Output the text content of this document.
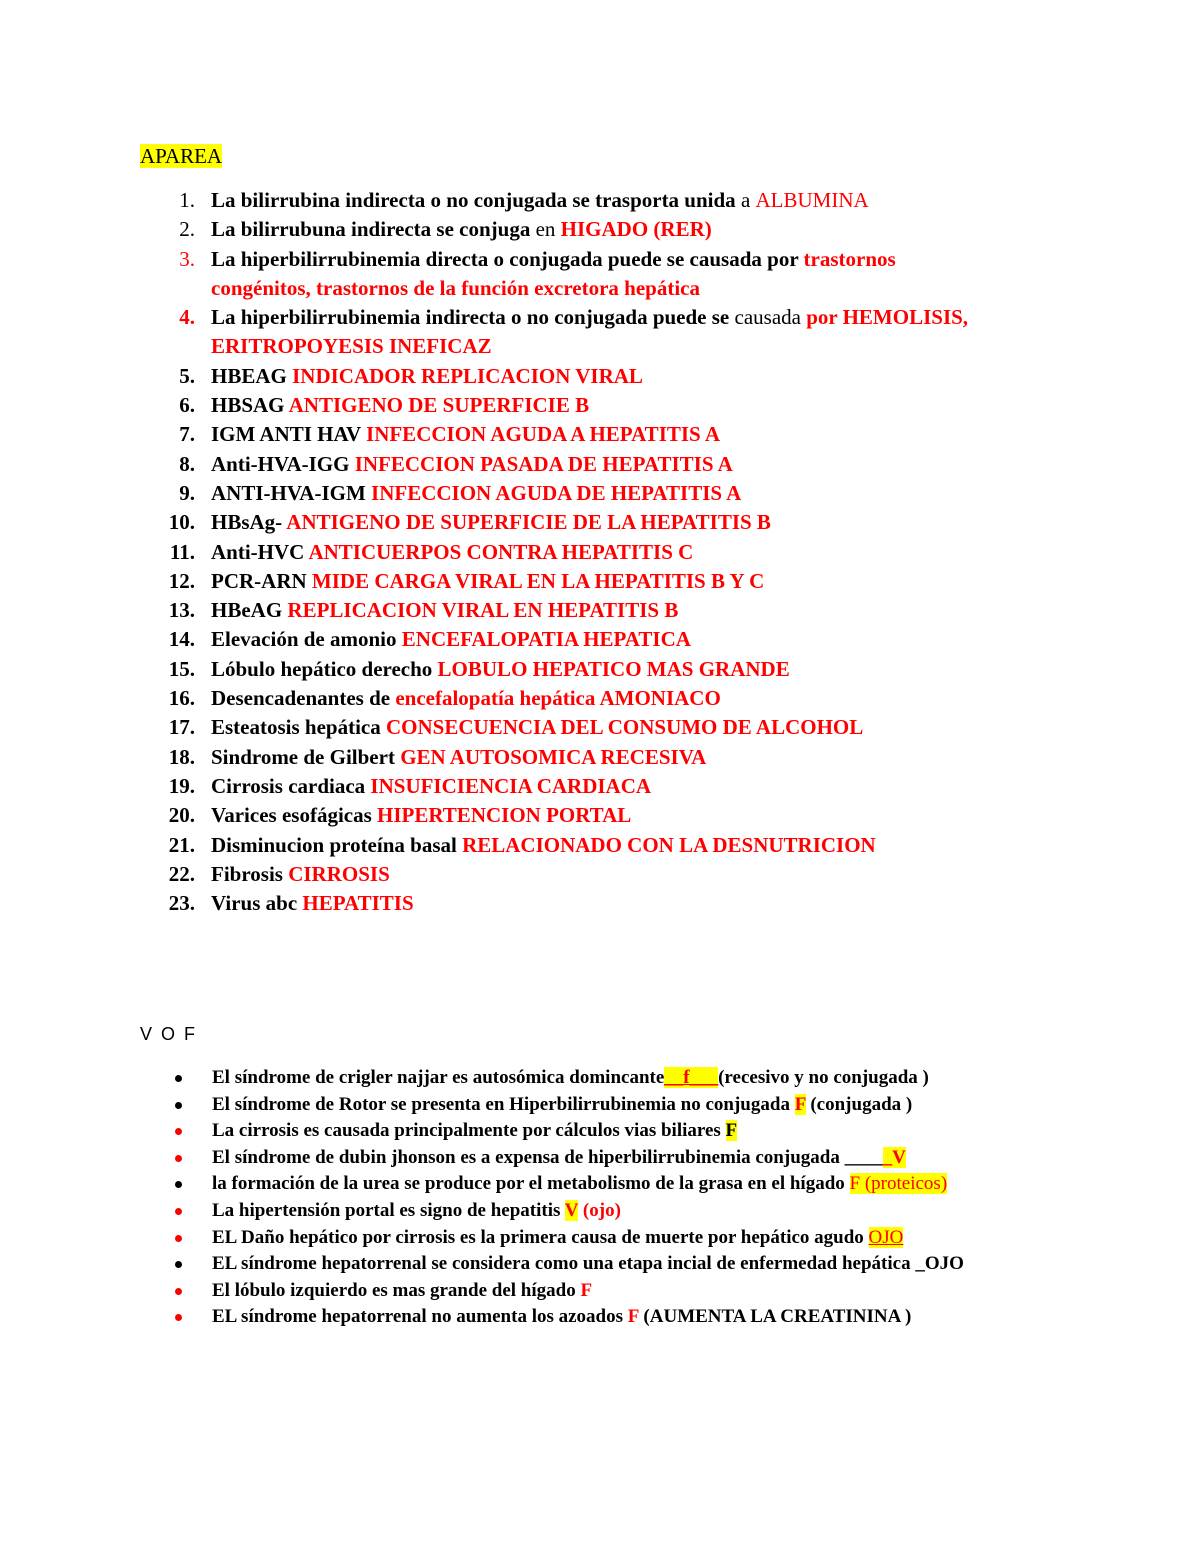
APAREA
1. La bilirrubina indirecta o no conjugada se trasporta unida a ALBUMINA
2. La bilirrubuna indirecta se conjuga en HIGADO (RER)
3. La hiperbilirrubinemia directa o conjugada puede se causada por trastornos congénitos, trastornos de la función excretora hepática
4. La hiperbilirrubinemia indirecta o no conjugada puede se causada por HEMOLISIS, ERITROPOYESIS INEFICAZ
5. HBEAG INDICADOR REPLICACION VIRAL
6. HBSAG ANTIGENO DE SUPERFICIE B
7. IGM ANTI HAV INFECCION AGUDA A HEPATITIS A
8. Anti-HVA-IGG INFECCION PASADA DE HEPATITIS A
9. ANTI-HVA-IGM INFECCION AGUDA DE HEPATITIS A
10. HBsAg- ANTIGENO DE SUPERFICIE DE LA HEPATITIS B
11. Anti-HVC ANTICUERPOS CONTRA HEPATITIS C
12. PCR-ARN MIDE CARGA VIRAL EN LA HEPATITIS B Y C
13. HBeAG REPLICACION VIRAL EN HEPATITIS B
14. Elevación de amonio ENCEFALOPATIA HEPATICA
15. Lóbulo hepático derecho LOBULO HEPATICO MAS GRANDE
16. Desencadenantes de encefalopatía hepática AMONIACO
17. Esteatosis hepática CONSECUENCIA DEL CONSUMO DE ALCOHOL
18. Sindrome de Gilbert GEN AUTOSOMICA RECESIVA
19. Cirrosis cardiaca INSUFICIENCIA CARDIACA
20. Varices esofágicas HIPERTENCION PORTAL
21. Disminucion proteína basal RELACIONADO CON LA DESNUTRICION
22. Fibrosis CIRROSIS
23. Virus abc HEPATITIS
V O F
El síndrome de crigler najjar es autosómica domincante__f___(recesivo y no conjugada )
El síndrome de Rotor se presenta en Hiperbilirrubinemia no conjugada F (conjugada )
La cirrosis es causada principalmente por cálculos vias biliares F
El síndrome de dubin jhonson es a expensa de hiperbilirrubinemia conjugada _____V
la formación de la urea se produce por el metabolismo de la grasa en el hígado F (proteicos)
La hipertensión portal es signo de hepatitis V (ojo)
EL Daño hepático por cirrosis es la primera causa de muerte por hepático agudo OJO
EL síndrome hepatorrenal se considera como una etapa incial de enfermedad hepática _OJO
El lóbulo izquierdo es mas grande del hígado F
EL síndrome hepatorrenal no aumenta los azoados F (AUMENTA LA CREATININA )
